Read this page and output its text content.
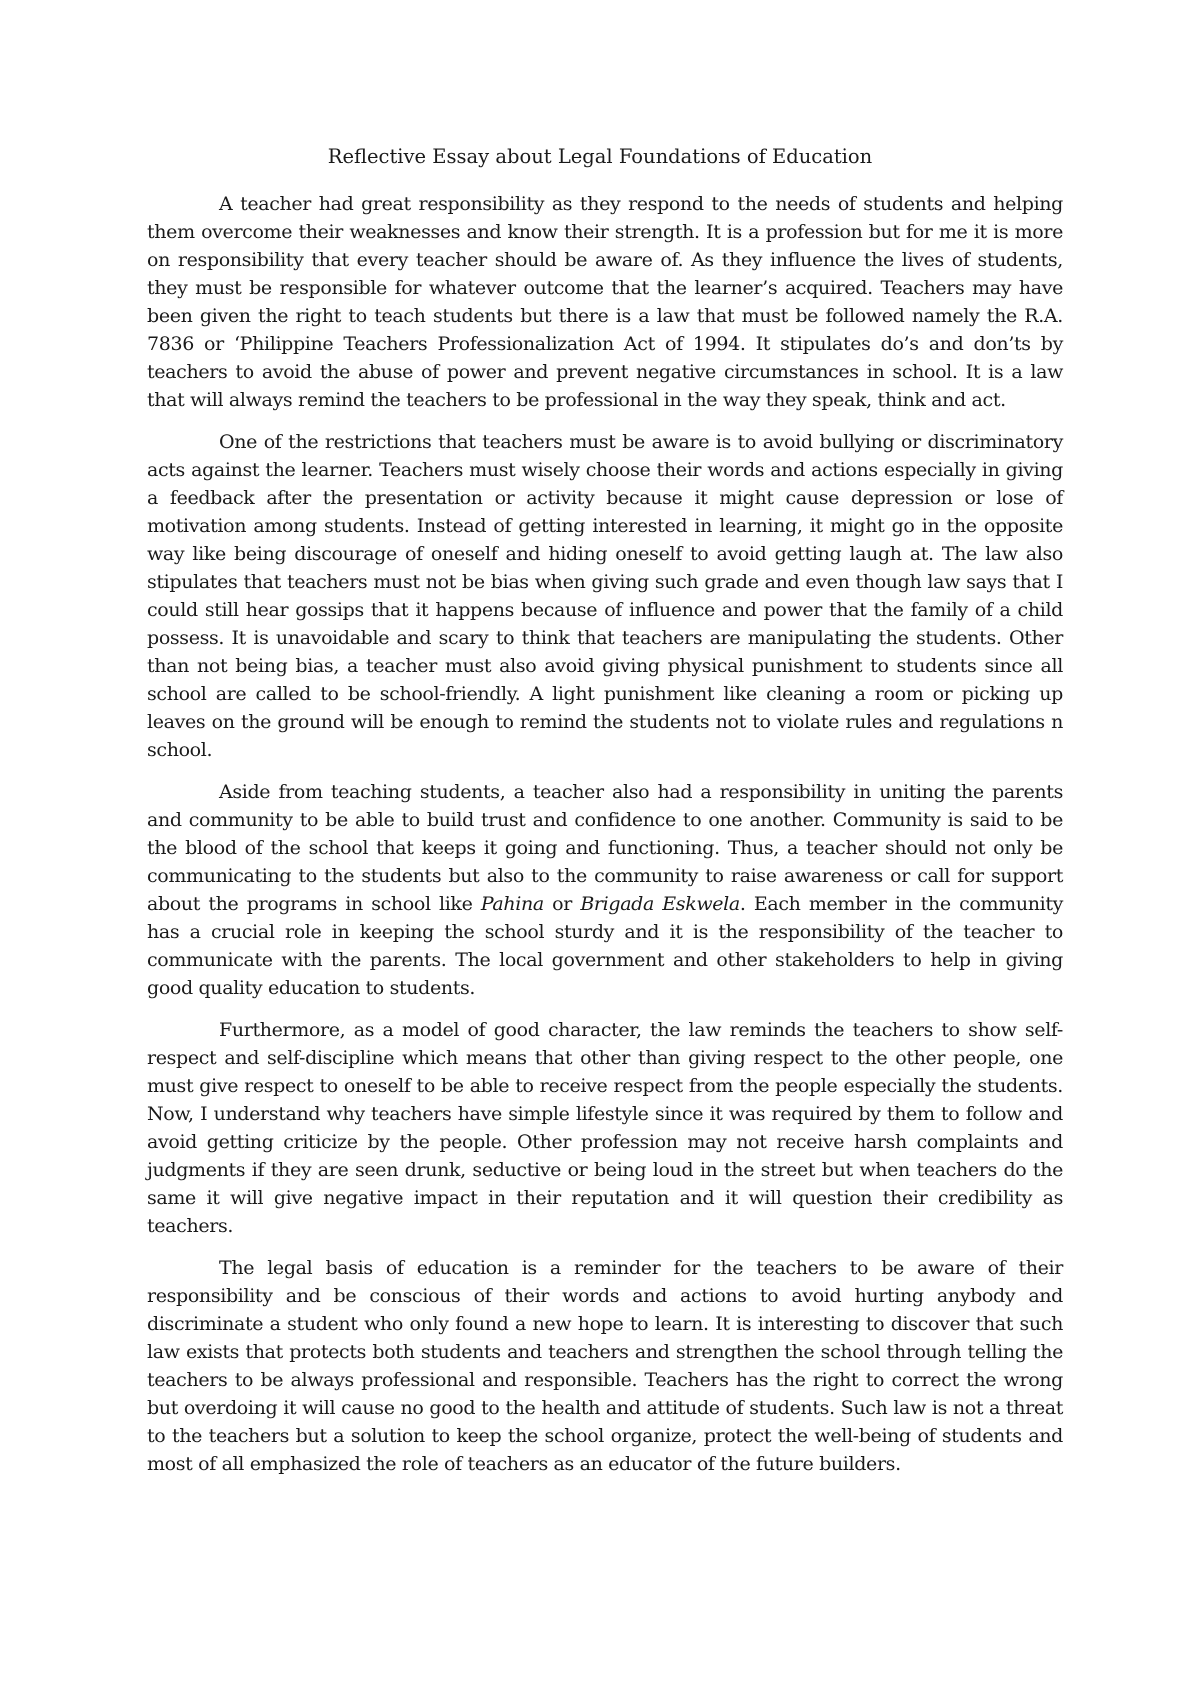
Reflective Essay about Legal Foundations of Education

A teacher had great responsibility as they respond to the needs of students and helping them overcome their weaknesses and know their strength. It is a profession but for me it is more on responsibility that every teacher should be aware of. As they influence the lives of students, they must be responsible for whatever outcome that the learner’s acquired. Teachers may have been given the right to teach students but there is a law that must be followed namely the R.A. 7836 or ‘Philippine Teachers Professionalization Act of 1994. It stipulates do’s and don’ts by teachers to avoid the abuse of power and prevent negative circumstances in school. It is a law that will always remind the teachers to be professional in the way they speak, think and act.

One of the restrictions that teachers must be aware is to avoid bullying or discriminatory acts against the learner. Teachers must wisely choose their words and actions especially in giving a feedback after the presentation or activity because it might cause depression or lose of motivation among students. Instead of getting interested in learning, it might go in the opposite way like being discourage of oneself and hiding oneself to avoid getting laugh at. The law also stipulates that teachers must not be bias when giving such grade and even though law says that I could still hear gossips that it happens because of influence and power that the family of a child possess. It is unavoidable and scary to think that teachers are manipulating the students. Other than not being bias, a teacher must also avoid giving physical punishment to students since all school are called to be school-friendly. A light punishment like cleaning a room or picking up leaves on the ground will be enough to remind the students not to violate rules and regulations n school.

Aside from teaching students, a teacher also had a responsibility in uniting the parents and community to be able to build trust and confidence to one another. Community is said to be the blood of the school that keeps it going and functioning. Thus, a teacher should not only be communicating to the students but also to the community to raise awareness or call for support about the programs in school like Pahina or Brigada Eskwela. Each member in the community has a crucial role in keeping the school sturdy and it is the responsibility of the teacher to communicate with the parents. The local government and other stakeholders to help in giving good quality education to students.

Furthermore, as a model of good character, the law reminds the teachers to show self-respect and self-discipline which means that other than giving respect to the other people, one must give respect to oneself to be able to receive respect from the people especially the students. Now, I understand why teachers have simple lifestyle since it was required by them to follow and avoid getting criticize by the people. Other profession may not receive harsh complaints and judgments if they are seen drunk, seductive or being loud in the street but when teachers do the same it will give negative impact in their reputation and it will question their credibility as teachers.

The legal basis of education is a reminder for the teachers to be aware of their responsibility and be conscious of their words and actions to avoid hurting anybody and discriminate a student who only found a new hope to learn. It is interesting to discover that such law exists that protects both students and teachers and strengthen the school through telling the teachers to be always professional and responsible. Teachers has the right to correct the wrong but overdoing it will cause no good to the health and attitude of students. Such law is not a threat to the teachers but a solution to keep the school organize, protect the well-being of students and most of all emphasized the role of teachers as an educator of the future builders.
